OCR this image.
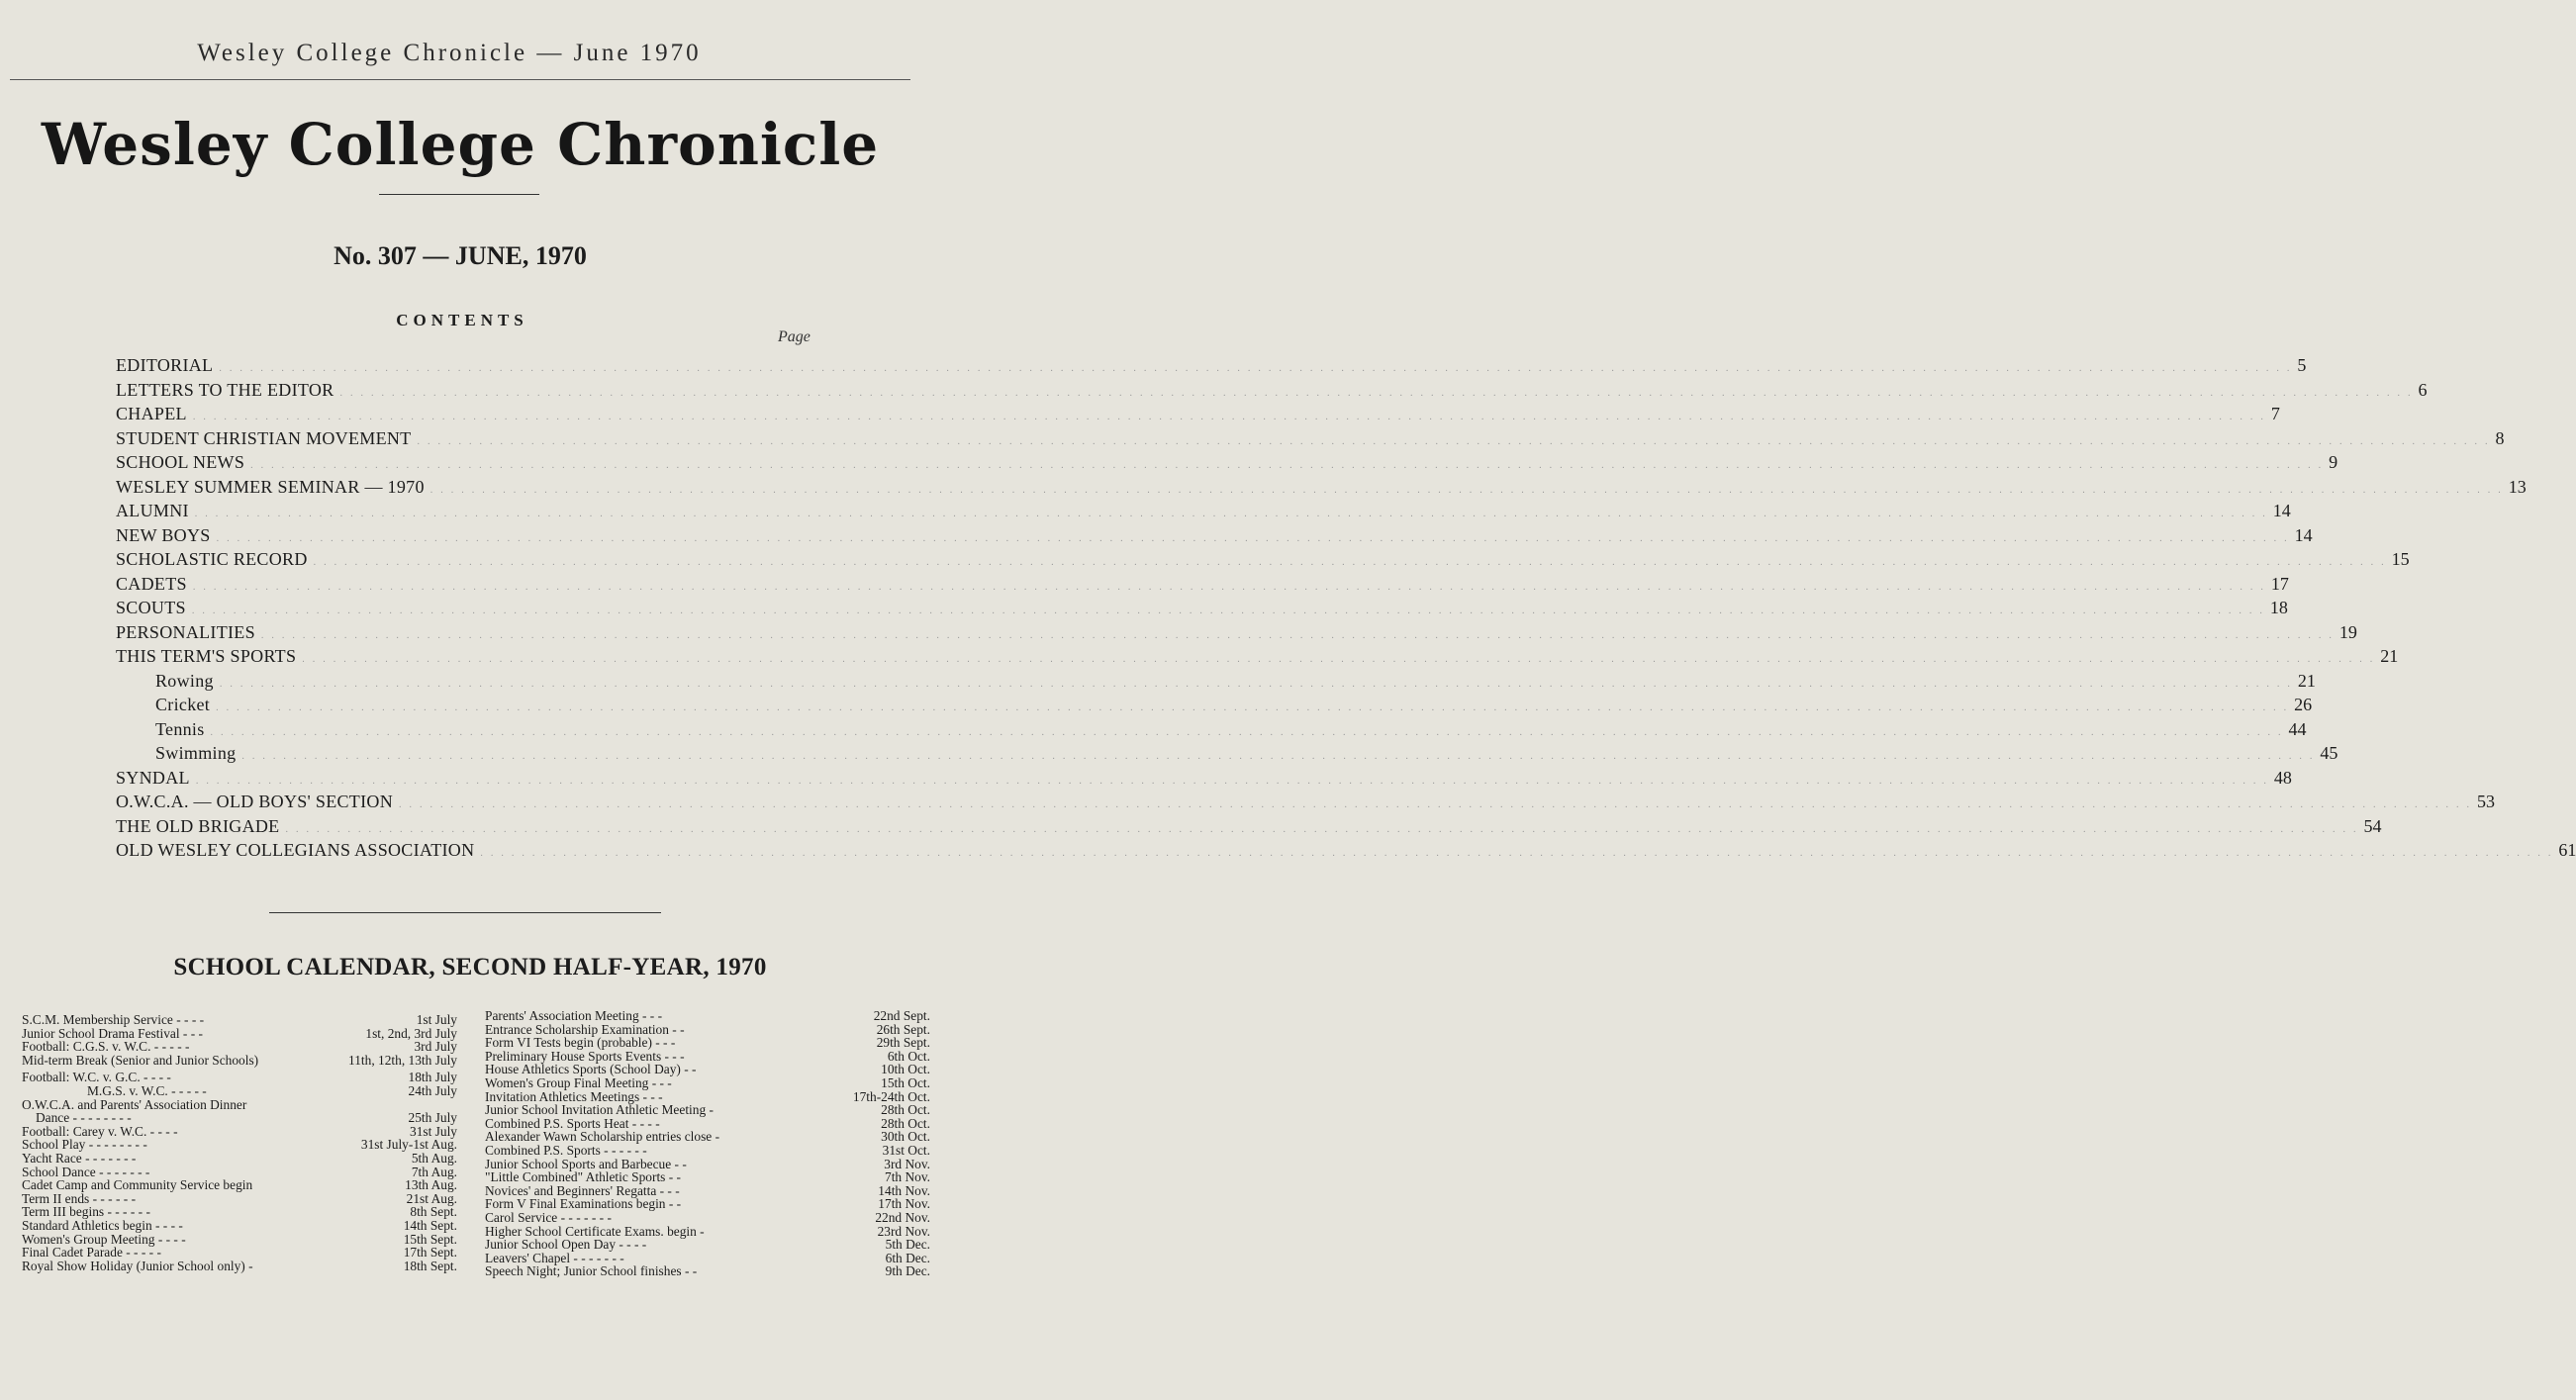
Wesley College Chronicle — June 1970
Wesley College Chronicle
No. 307 — JUNE, 1970
CONTENTS
Page
EDITORIAL ........................................................................................................................................................................................................ 5
LETTERS TO THE EDITOR ........................................................................................................................................................................................................ 6
CHAPEL ........................................................................................................................................................................................................ 7
STUDENT CHRISTIAN MOVEMENT ........................................................................................................................................................................................................ 8
SCHOOL NEWS ........................................................................................................................................................................................................ 9
WESLEY SUMMER SEMINAR — 1970 ........................................................................................................................................................................................................ 13
ALUMNI ........................................................................................................................................................................................................ 14
NEW BOYS ........................................................................................................................................................................................................ 14
SCHOLASTIC RECORD ........................................................................................................................................................................................................ 15
CADETS ........................................................................................................................................................................................................ 17
SCOUTS ........................................................................................................................................................................................................ 18
PERSONALITIES ........................................................................................................................................................................................................ 19
THIS TERM'S SPORTS ........................................................................................................................................................................................................ 21
Rowing ........................................................................................................................................................................................................ 21
Cricket ........................................................................................................................................................................................................ 26
Tennis ........................................................................................................................................................................................................ 44
Swimming ........................................................................................................................................................................................................ 45
SYNDAL ........................................................................................................................................................................................................ 48
O.W.C.A. — OLD BOYS' SECTION ........................................................................................................................................................................................................ 53
THE OLD BRIGADE ........................................................................................................................................................................................................ 54
OLD WESLEY COLLEGIANS ASSOCIATION ........................................................................................................................................................................................................ 61
SCHOOL CALENDAR, SECOND HALF-YEAR, 1970
S.C.M. Membership Service - - - -	1st July
Junior School Drama Festival - - -	1st, 2nd, 3rd July
Football: C.G.S. v. W.C. - - - - -	3rd July
Mid-term Break (Senior and Junior Schools)	11th, 12th, 13th July
Football: W.C. v. G.C. - - - -	18th July
M.G.S. v. W.C. - - - - -	24th July
O.W.C.A. and Parents' Association Dinner
Dance - - - - - - - -	25th July
Football: Carey v. W.C. - - - -	31st July
School Play - - - - - - - -	31st July-1st Aug.
Yacht Race - - - - - - -	5th Aug.
School Dance - - - - - - -	7th Aug.
Cadet Camp and Community Service begin	13th Aug.
Term II ends - - - - - -	21st Aug.
Term III begins - - - - - -	8th Sept.
Standard Athletics begin - - - -	14th Sept.
Women's Group Meeting - - - -	15th Sept.
Final Cadet Parade - - - - -	17th Sept.
Royal Show Holiday (Junior School only) -	18th Sept.
Parents' Association Meeting - - -	22nd Sept.
Entrance Scholarship Examination - -	26th Sept.
Form VI Tests begin (probable) - - -	29th Sept.
Preliminary House Sports Events - - -	6th Oct.
House Athletics Sports (School Day) - -	10th Oct.
Women's Group Final Meeting - - -	15th Oct.
Invitation Athletics Meetings - - -	17th-24th Oct.
Junior School Invitation Athletic Meeting -	28th Oct.
Combined P.S. Sports Heat - - - -	28th Oct.
Alexander Wawn Scholarship entries close -	30th Oct.
Combined P.S. Sports - - - - - -	31st Oct.
Junior School Sports and Barbecue - -	3rd Nov.
"Little Combined" Athletic Sports - -	7th Nov.
Novices' and Beginners' Regatta - - -	14th Nov.
Form V Final Examinations begin - -	17th Nov.
Carol Service - - - - - - -	22nd Nov.
Higher School Certificate Exams. begin -	23rd Nov.
Junior School Open Day - - - -	5th Dec.
Leavers' Chapel - - - - - - -	6th Dec.
Speech Night; Junior School finishes - -	9th Dec.
